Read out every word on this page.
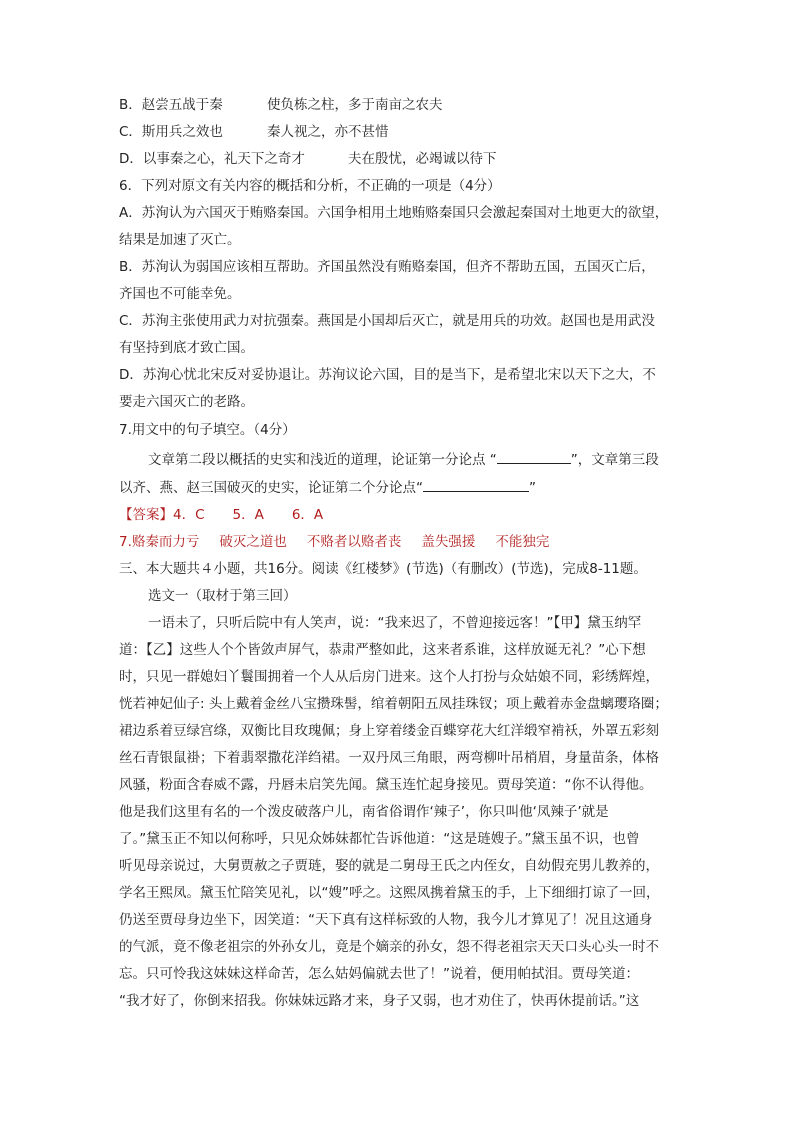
B．赵尝五战于秦	使负栋之柱，多于南亩之农夫
C．斯用兵之效也	秦人视之，亦不甚惜
D．以事秦之心，礼天下之奇才	夫在殷忧，必竭诚以待下
6．下列对原文有关内容的概括和分析，不正确的一项是（4分）
A．苏洵认为六国灭于贿赂秦国。六国争相用土地贿赂秦国只会激起秦国对土地更大的欲望，
结果是加速了灭亡。
B．苏洵认为弱国应该相互帮助。齐国虽然没有贿赂秦国，但齐不帮助五国，五国灭亡后，
齐国也不可能幸免。
C．苏洵主张使用武力对抗强秦。燕国是小国却后灭亡，就是用兵的功效。赵国也是用武没
有坚持到底才致亡国。
D．苏洵心忧北宋反对妥协退让。苏洵议论六国，目的是当下，是希望北宋以天下之大，不
要走六国灭亡的老路。
7.用文中的句子填空。（4分）
文章第二段以概括的史实和浅近的道理，论证第一分论点 “	”，文章第三段
以齐、燕、赵三国破灭的史实，论证第二个分论点“	”
【答案】4．C 5．A 6．A
7.赂秦而力亏 破灭之道也 不赂者以赂者丧 盖失强援 不能独完
三、本大题共４小题，共16分。阅读《红楼梦》(节选)（有删改）(节选)，完成8-11题。
选文一（取材于第三回）
一语未了，只听后院中有人笑声，说：“我来迟了，不曾迎接远客！”【甲】黛玉纳罕
道：【乙】这些人个个皆敛声屏气，恭肃严整如此，这来者系谁，这样放诞无礼？”心下想
时，只见一群媳妇丫鬟围拥着一个人从后房门进来。这个人打扮与众姑娘不同，彩绣辉煌，
恍若神妃仙子: 头上戴着金丝八宝攒珠髻，绾着朝阳五凤挂珠钗；项上戴着赤金盘螭璎珞圈；
裙边系着豆绿宫绦，双衡比目玫瑰佩；身上穿着缕金百蝶穿花大红洋缎窄褃袄，外罩五彩刻
丝石青银鼠褂；下着翡翠撒花洋绉裙。一双丹凤三角眼，两弯柳叶吊梢眉，身量苗条，体格
风骚，粉面含春威不露，丹唇未启笑先闻。黛玉连忙起身接见。贾母笑道：“你不认得他。
他是我们这里有名的一个泼皮破落户儿，南省俗谓作‘辣子’，你只叫他‘凤辣子’就是
了。”黛玉正不知以何称呼，只见众姊妹都忙告诉他道：“这是琏嫂子。”黛玉虽不识，也曾
听见母亲说过，大舅贾赦之子贾琏，娶的就是二舅母王氏之内侄女，自幼假充男儿教养的，
学名王熙凤。黛玉忙陪笑见礼，以“嫂”呼之。这熙凤携着黛玉的手，上下细细打谅了一回，
仍送至贾母身边坐下，因笑道：“天下真有这样标致的人物，我今儿才算见了！况且这通身
的气派，竟不像老祖宗的外孙女儿，竟是个嫡亲的孙女，怨不得老祖宗天天口头心头一时不
忘。只可怜我这妹妹这样命苦，怎么姑妈偏就去世了！”说着，便用帕拭泪。贾母笑道：
“我才好了，你倒来招我。你妹妹远路才来，身子又弱，也才劝住了，快再休提前话。”这
